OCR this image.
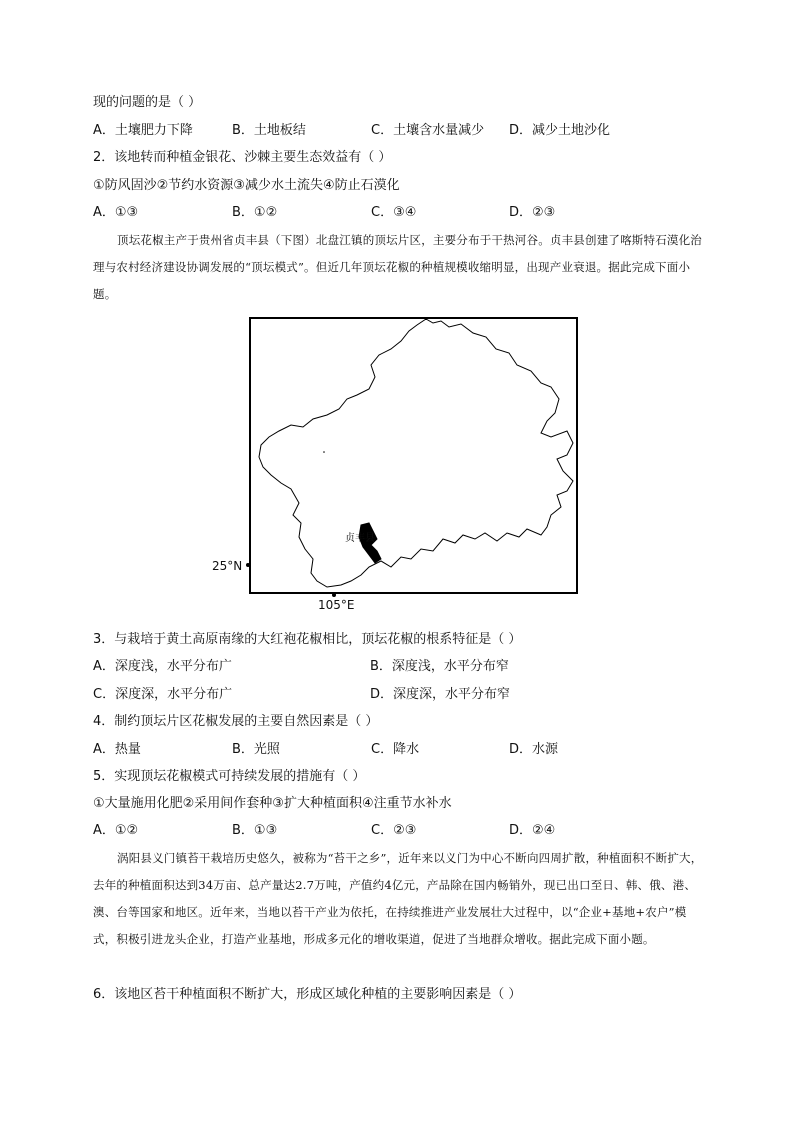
现的问题的是（ ）
A．土壤肥力下降	B．土地板结	C．土壤含水量减少 D．减少土地沙化
2．该地转而种植金银花、沙棘主要生态效益有（ ）
①防风固沙②节约水资源③减少水土流失④防止石漠化
A．①③	B．①②	C．③④	D．②③
顶坛花椒主产于贵州省贞丰县（下图）北盘江镇的顶坛片区，主要分布于干热河谷。贞丰县创建了喀斯特石漠化治理与农村经济建设协调发展的“顶坛模式”。但近几年顶坛花椒的种植规模收缩明显，出现产业衰退。据此完成下面小题。
贞丰县
25°N
105°E
3．与栽培于黄土高原南缘的大红袍花椒相比，顶坛花椒的根系特征是（ ）
A．深度浅，水平分布广	B．深度浅，水平分布窄
C．深度深，水平分布广	D．深度深，水平分布窄
4．制约顶坛片区花椒发展的主要自然因素是（ ）
A．热量	B．光照	C．降水	D．水源
5．实现顶坛花椒模式可持续发展的措施有（ ）
①大量施用化肥②采用间作套种③扩大种植面积④注重节水补水
A．①②	B．①③	C．②③	D．②④
涡阳县义门镇苔干栽培历史悠久，被称为“苔干之乡”，近年来以义门为中心不断向四周扩散，种植面积不断扩大，去年的种植面积达到34万亩、总产量达2.7万吨，产值约4亿元，产品除在国内畅销外，现已出口至日、韩、俄、港、澳、台等国家和地区。近年来，当地以苔干产业为依托，在持续推进产业发展壮大过程中，以“企业+基地+农户”模式，积极引进龙头企业，打造产业基地，形成多元化的增收渠道，促进了当地群众增收。据此完成下面小题。
6．该地区苔干种植面积不断扩大，形成区域化种植的主要影响因素是（ ）
